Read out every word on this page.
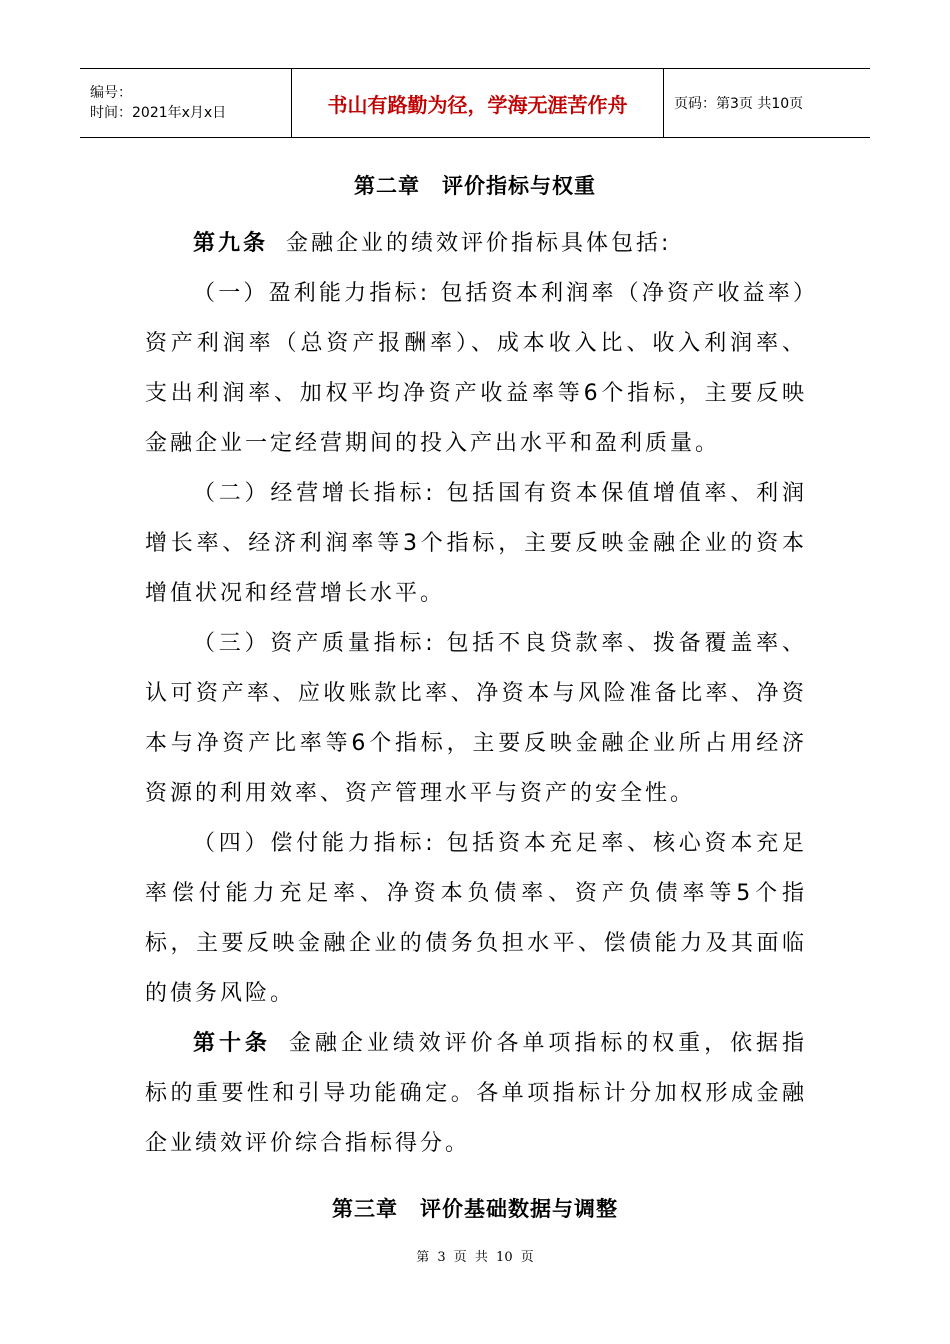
编号：
时间：2021年x月x日	书山有路勤为径，学海无涯苦作舟	页码：第3页 共10页
第二章　评价指标与权重

第九条 金融企业的绩效评价指标具体包括:

（一）盈利能力指标: 包括资本利润率（净资产收益率）资产利润率（总资产报酬率）、成本收入比、收入利润率、支出利润率、加权平均净资产收益率等6个指标，主要反映金融企业一定经营期间的投入产出水平和盈利质量。

（二）经营增长指标: 包括国有资本保值增值率、利润增长率、经济利润率等3个指标，主要反映金融企业的资本增值状况和经营增长水平。

（三）资产质量指标: 包括不良贷款率、拨备覆盖率、认可资产率、应收账款比率、净资本与风险准备比率、净资本与净资产比率等6个指标，主要反映金融企业所占用经济资源的利用效率、资产管理水平与资产的安全性。

（四）偿付能力指标: 包括资本充足率、核心资本充足率偿付能力充足率、净资本负债率、资产负债率等5个指标，主要反映金融企业的债务负担水平、偿债能力及其面临的债务风险。

第十条 金融企业绩效评价各单项指标的权重，依据指标的重要性和引导功能确定。各单项指标计分加权形成金融企业绩效评价综合指标得分。

第三章　评价基础数据与调整
第 3 页 共 10 页
